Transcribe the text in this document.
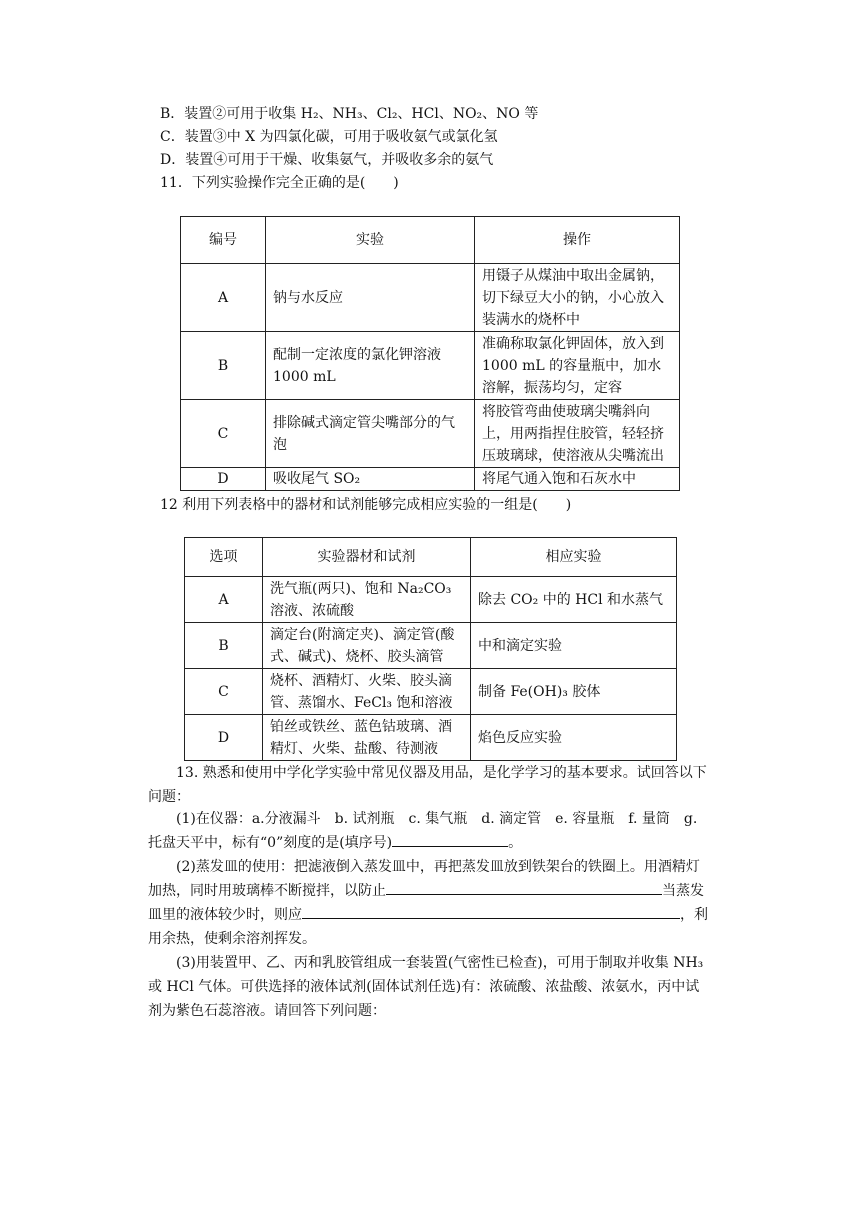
B．装置②可用于收集 H₂、NH₃、Cl₂、HCl、NO₂、NO 等
C．装置③中 X 为四氯化碳，可用于吸收氨气或氯化氢
D．装置④可用于干燥、收集氨气，并吸收多余的氨气
11．下列实验操作完全正确的是(　　)
编号	实验	操作
A	钠与水反应	用镊子从煤油中取出金属钠，切下绿豆大小的钠，小心放入装满水的烧杯中
B	配制一定浓度的氯化钾溶液1000 mL	准确称取氯化钾固体，放入到1000 mL 的容量瓶中，加水溶解，振荡均匀，定容
C	排除碱式滴定管尖嘴部分的气泡	将胶管弯曲使玻璃尖嘴斜向上，用两指捏住胶管，轻轻挤压玻璃球，使溶液从尖嘴流出
D	吸收尾气 SO₂	将尾气通入饱和石灰水中
12 利用下列表格中的器材和试剂能够完成相应实验的一组是(　　)
选项	实验器材和试剂	相应实验
A	洗气瓶(两只)、饱和 Na₂CO₃溶液、浓硫酸	除去 CO₂ 中的 HCl 和水蒸气
B	滴定台(附滴定夹)、滴定管(酸式、碱式)、烧杯、胶头滴管	中和滴定实验
C	烧杯、酒精灯、火柴、胶头滴管、蒸馏水、FeCl₃ 饱和溶液	制备 Fe(OH)₃ 胶体
D	铂丝或铁丝、蓝色钴玻璃、酒精灯、火柴、盐酸、待测液	焰色反应实验
13. 熟悉和使用中学化学实验中常见仪器及用品，是化学学习的基本要求。试回答以下问题：
(1)在仪器：a.分液漏斗　b. 试剂瓶　c. 集气瓶　d. 滴定管　e. 容量瓶　f. 量筒　g. 托盘天平中，标有“0”刻度的是(填序号)	。
(2)蒸发皿的使用：把滤液倒入蒸发皿中，再把蒸发皿放到铁架台的铁圈上。用酒精灯加热，同时用玻璃棒不断搅拌，以防止	当蒸发皿里的液体较少时，则应	，利用余热，使剩余溶剂挥发。
(3)用装置甲、乙、丙和乳胶管组成一套装置(气密性已检查)，可用于制取并收集 NH₃或 HCl 气体。可供选择的液体试剂(固体试剂任选)有：浓硫酸、浓盐酸、浓氨水，丙中试剂为紫色石蕊溶液。请回答下列问题：
